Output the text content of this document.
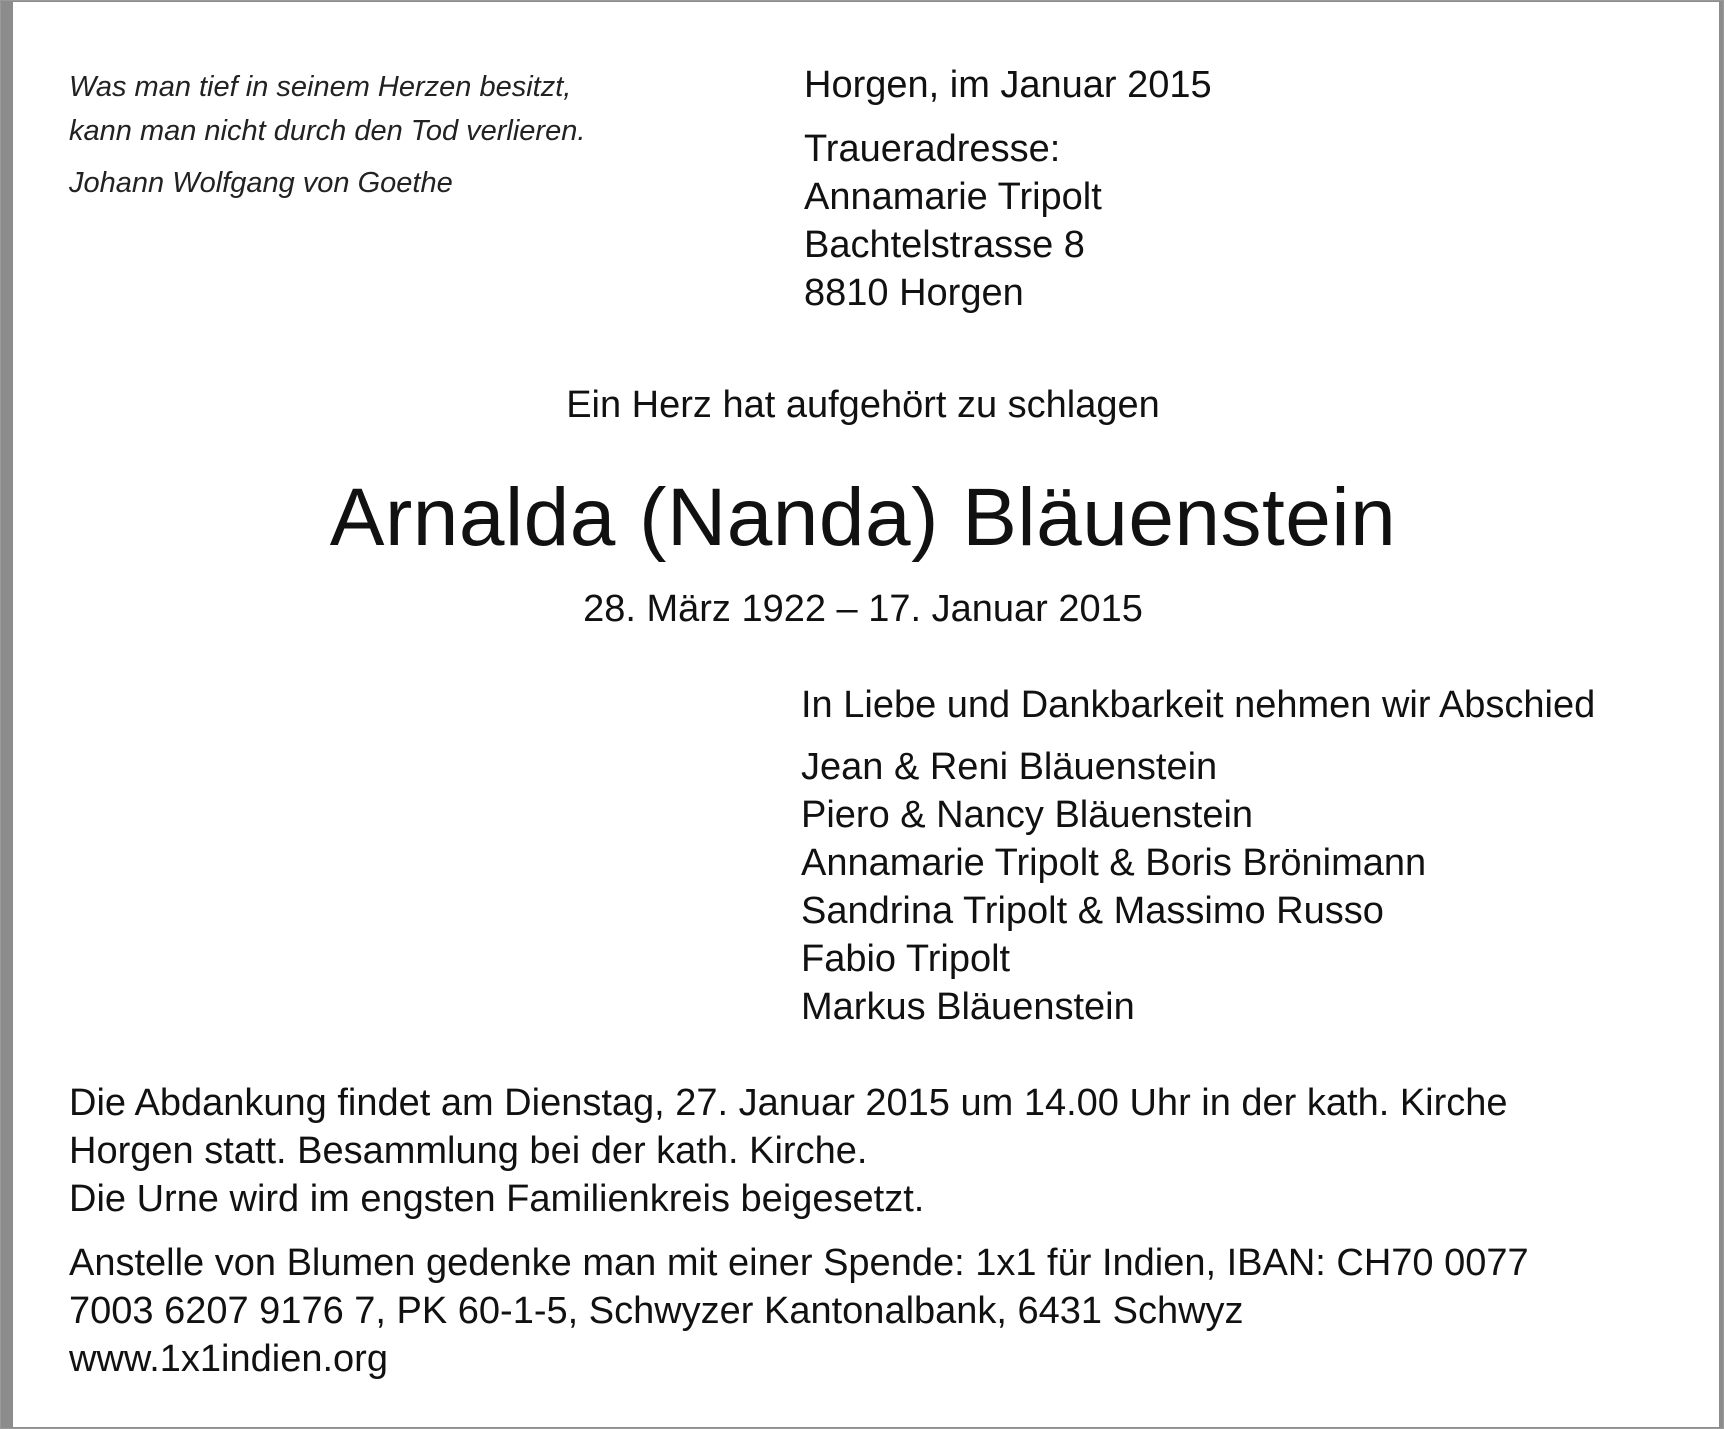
Was man tief in seinem Herzen besitzt,
kann man nicht durch den Tod verlieren.
Johann Wolfgang von Goethe

Horgen, im Januar 2015

Traueradresse:
Annamarie Tripolt
Bachtelstrasse 8
8810 Horgen

Ein Herz hat aufgehört zu schlagen

Arnalda (Nanda) Bläuenstein

28. März 1922 – 17. Januar 2015

In Liebe und Dankbarkeit nehmen wir Abschied

Jean & Reni Bläuenstein
Piero & Nancy Bläuenstein
Annamarie Tripolt & Boris Brönimann
Sandrina Tripolt & Massimo Russo
Fabio Tripolt
Markus Bläuenstein
Die Abdankung findet am Dienstag, 27. Januar 2015 um 14.00 Uhr in der kath. Kirche
Horgen statt. Besammlung bei der kath. Kirche.
Die Urne wird im engsten Familienkreis beigesetzt.
Anstelle von Blumen gedenke man mit einer Spende: 1x1 für Indien, IBAN: CH70 0077
7003 6207 9176 7, PK 60-1-5, Schwyzer Kantonalbank, 6431 Schwyz
www.1x1indien.org
